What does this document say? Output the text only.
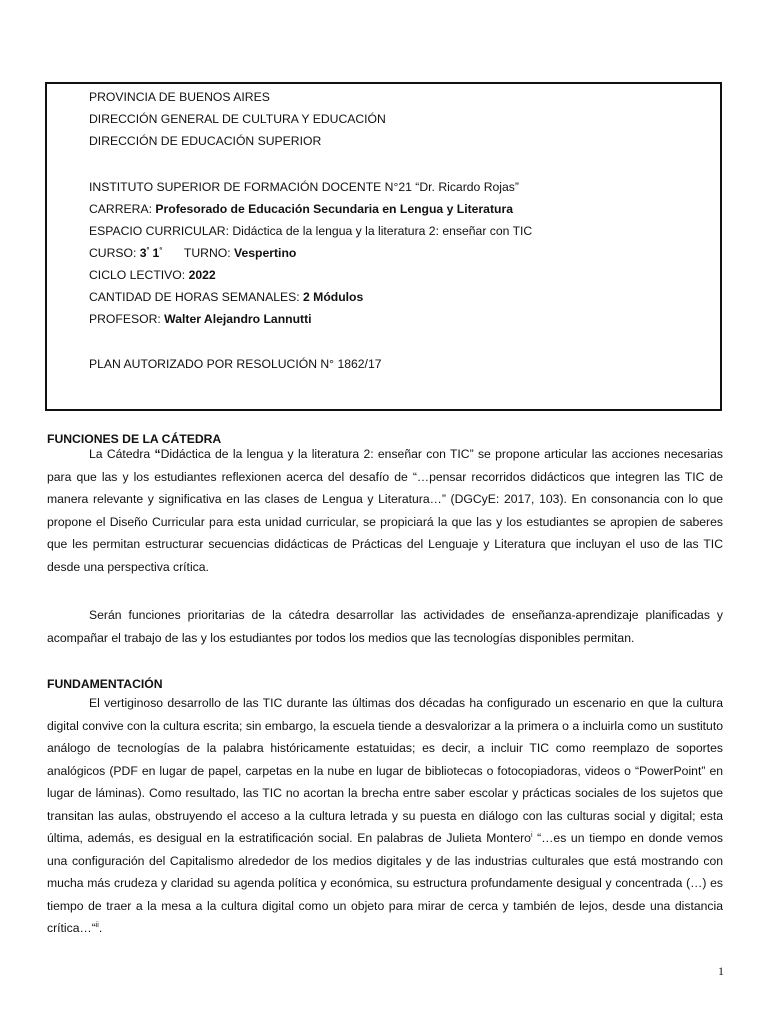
PROVINCIA DE BUENOS AIRES
DIRECCIÓN GENERAL DE CULTURA Y EDUCACIÓN
DIRECCIÓN DE EDUCACIÓN SUPERIOR
INSTITUTO SUPERIOR DE FORMACIÓN DOCENTE N°21 “Dr. Ricardo Rojas”
CARRERA: Profesorado de Educación Secundaria en Lengua y Literatura
ESPACIO CURRICULAR: Didáctica de la lengua y la literatura 2: enseñar con TIC
CURSO: $3^º$ $1^ª$ TURNO: Vespertino
CICLO LECTIVO: 2022
CANTIDAD DE HORAS SEMANALES: 2 Módulos
PROFESOR: Walter Alejandro Lannutti
PLAN AUTORIZADO POR RESOLUCIÓN N° 1862/17
FUNCIONES DE LA CÁTEDRA

La Cátedra “Didáctica de la lengua y la literatura 2: enseñar con TIC” se propone articular las acciones necesarias para que las y los estudiantes reflexionen acerca del desafío de “…pensar recorridos didácticos que integren las TIC de manera relevante y significativa en las clases de Lengua y Literatura…” (DGCyE: 2017, 103). En consonancia con lo que propone el Diseño Curricular para esta unidad curricular, se propiciará la que las y los estudiantes se apropien de saberes que les permitan estructurar secuencias didácticas de Prácticas del Lenguaje y Literatura que incluyan el uso de las TIC desde una perspectiva crítica.

Serán funciones prioritarias de la cátedra desarrollar las actividades de enseñanza-aprendizaje planificadas y acompañar el trabajo de las y los estudiantes por todos los medios que las tecnologías disponibles permitan.

FUNDAMENTACIÓN

El vertiginoso desarrollo de las TIC durante las últimas dos décadas ha configurado un escenario en que la cultura digital convive con la cultura escrita; sin embargo, la escuela tiende a desvalorizar a la primera o a incluirla como un sustituto análogo de tecnologías de la palabra históricamente estatuidas; es decir, a incluir TIC como reemplazo de soportes analógicos (PDF en lugar de papel, carpetas en la nube en lugar de bibliotecas o fotocopiadoras, videos o “PowerPoint” en lugar de láminas). Como resultado, las TIC no acortan la brecha entre saber escolar y prácticas sociales de los sujetos que transitan las aulas, obstruyendo el acceso a la cultura letrada y su puesta en diálogo con las culturas social y digital; esta última, además, es desigual en la estratificación social. En palabras de Julieta Montero$^i$ “…es un tiempo en donde vemos una configuración del Capitalismo alrededor de los medios digitales y de las industrias culturales que está mostrando con mucha más crudeza y claridad su agenda política y económica, su estructura profundamente desigual y concentrada (…) es tiempo de traer a la mesa a la cultura digital como un objeto para mirar de cerca y también de lejos, desde una distancia crítica…“$^{ii}$.

1
